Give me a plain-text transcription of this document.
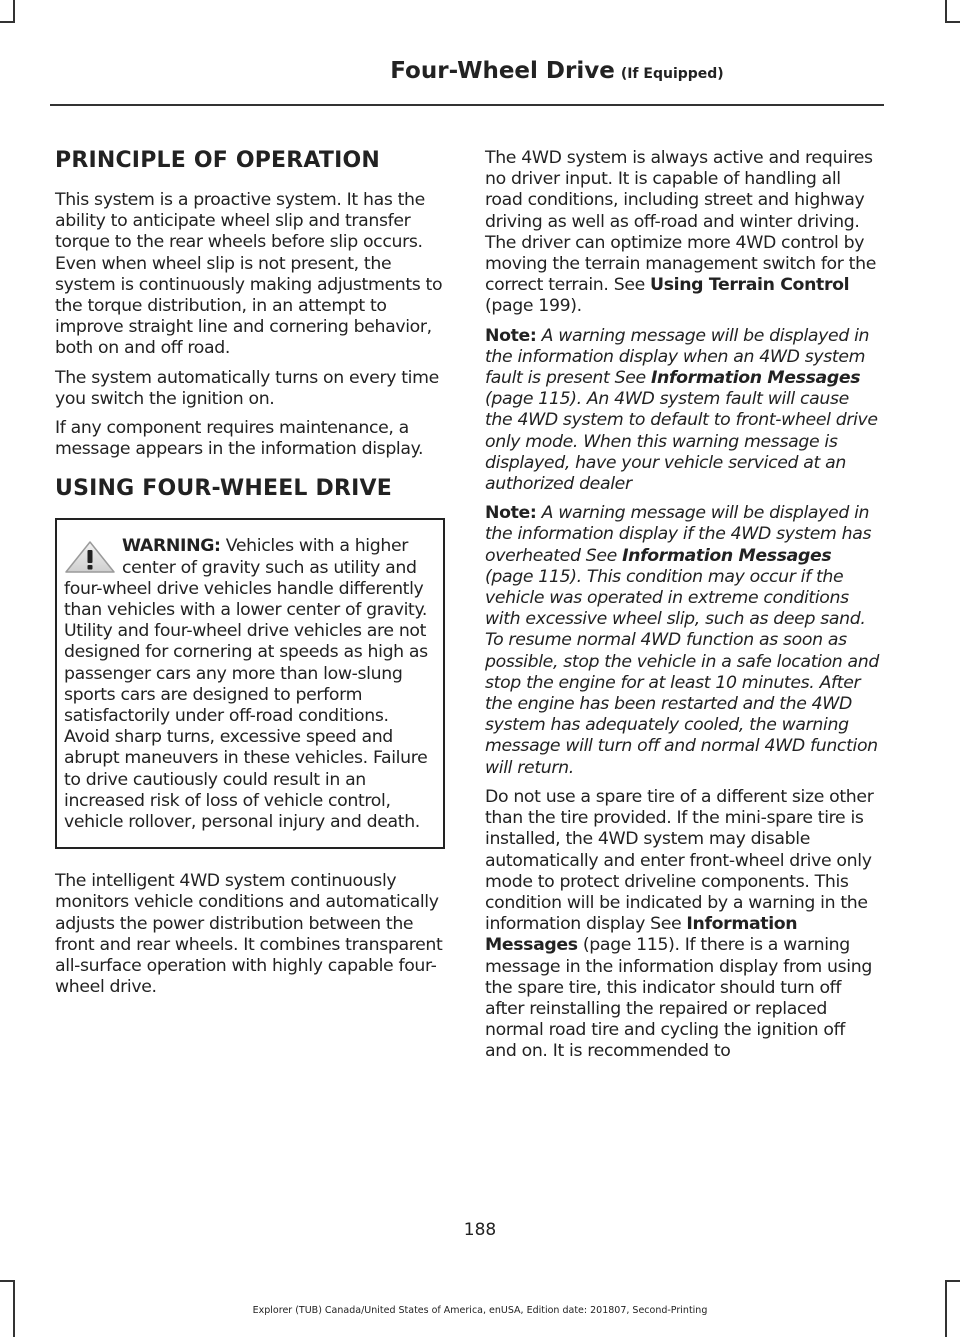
Four-Wheel Drive (If Equipped)
PRINCIPLE OF OPERATION

This system is a proactive system. It has the ability to anticipate wheel slip and transfer torque to the rear wheels before slip occurs. Even when wheel slip is not present, the system is continuously making adjustments to the torque distribution, in an attempt to improve straight line and cornering behavior, both on and off road.

The system automatically turns on every time you switch the ignition on.

If any component requires maintenance, a message appears in the information display.

USING FOUR-WHEEL DRIVE
WARNING: Vehicles with a higher center of gravity such as utility and four-wheel drive vehicles handle differently than vehicles with a lower center of gravity. Utility and four-wheel drive vehicles are not designed for cornering at speeds as high as passenger cars any more than low-slung sports cars are designed to perform satisfactorily under off-road conditions. Avoid sharp turns, excessive speed and abrupt maneuvers in these vehicles. Failure to drive cautiously could result in an increased risk of loss of vehicle control, vehicle rollover, personal injury and death.

The intelligent 4WD system continuously monitors vehicle conditions and automatically adjusts the power distribution between the front and rear wheels. It combines transparent all-surface operation with highly capable four-wheel drive.

The 4WD system is always active and requires no driver input. It is capable of handling all road conditions, including street and highway driving as well as off-road and winter driving. The driver can optimize more 4WD control by moving the terrain management switch for the correct terrain. See Using Terrain Control (page 199).

Note: A warning message will be displayed in the information display when an 4WD system fault is present See Information Messages (page 115). An 4WD system fault will cause the 4WD system to default to front-wheel drive only mode. When this warning message is displayed, have your vehicle serviced at an authorized dealer

Note: A warning message will be displayed in the information display if the 4WD system has overheated See Information Messages (page 115). This condition may occur if the vehicle was operated in extreme conditions with excessive wheel slip, such as deep sand. To resume normal 4WD function as soon as possible, stop the vehicle in a safe location and stop the engine for at least 10 minutes. After the engine has been restarted and the 4WD system has adequately cooled, the warning message will turn off and normal 4WD function will return.

Do not use a spare tire of a different size other than the tire provided. If the mini-spare tire is installed, the 4WD system may disable automatically and enter front-wheel drive only mode to protect driveline components. This condition will be indicated by a warning in the information display See Information Messages (page 115). If there is a warning message in the information display from using the spare tire, this indicator should turn off after reinstalling the repaired or replaced normal road tire and cycling the ignition off and on. It is recommended to

188
Explorer (TUB) Canada/United States of America, enUSA, Edition date: 201807, Second-Printing
